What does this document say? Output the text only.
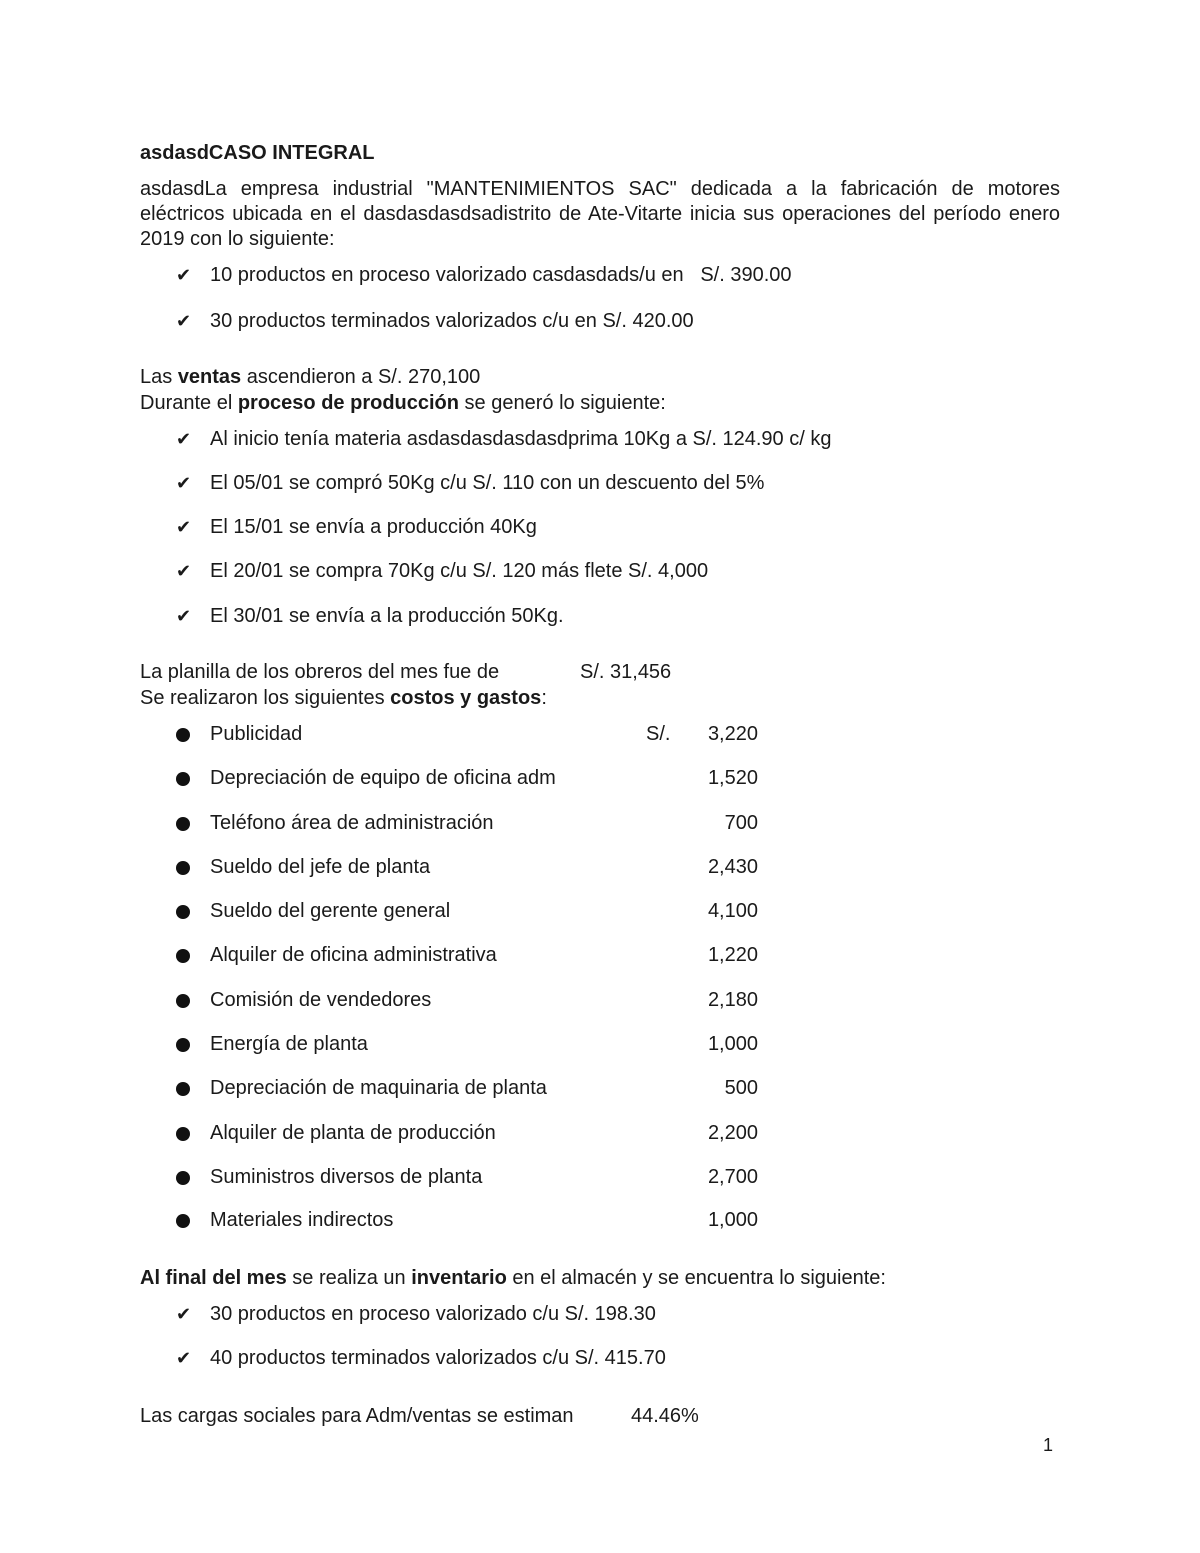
asdasdCASO INTEGRAL
asdasdLa empresa industrial "MANTENIMIENTOS SAC" dedicada a la fabricación de motores eléctricos ubicada en el dasdasdasdsadistrito de Ate-Vitarte inicia sus operaciones del período enero 2019 con lo siguiente:
✔ 10 productos en proceso valorizado casdasdads/u en   S/. 390.00
✔ 30 productos terminados valorizados c/u en S/. 420.00
Las ventas ascendieron a S/. 270,100
Durante el proceso de producción se generó lo siguiente:
✔ Al inicio tenía materia asdasdasdasdasdprima 10Kg a S/. 124.90 c/ kg
✔ El 05/01 se compró 50Kg c/u S/. 110 con un descuento del 5%
✔ El 15/01 se envía a producción 40Kg
✔ El 20/01 se compra 70Kg c/u S/. 120 más flete S/. 4,000
✔ El 30/01 se envía a la producción 50Kg.
La planilla de los obreros del mes fue de	S/. 31,456
Se realizaron los siguientes costos y gastos:
Publicidad	S/. 3,220
Depreciación de equipo de oficina adm	1,520
Teléfono área de administración	700
Sueldo del jefe de planta	2,430
Sueldo del gerente general	4,100
Alquiler de oficina administrativa	1,220
Comisión de vendedores	2,180
Energía de planta	1,000
Depreciación de maquinaria de planta	500
Alquiler de planta de producción	2,200
Suministros diversos de planta	2,700
Materiales indirectos	1,000
Al final del mes se realiza un inventario en el almacén y se encuentra lo siguiente:
✔ 30 productos en proceso valorizado c/u S/. 198.30
✔ 40 productos terminados valorizados c/u S/. 415.70
Las cargas sociales para Adm/ventas se estiman	44.46%
1
